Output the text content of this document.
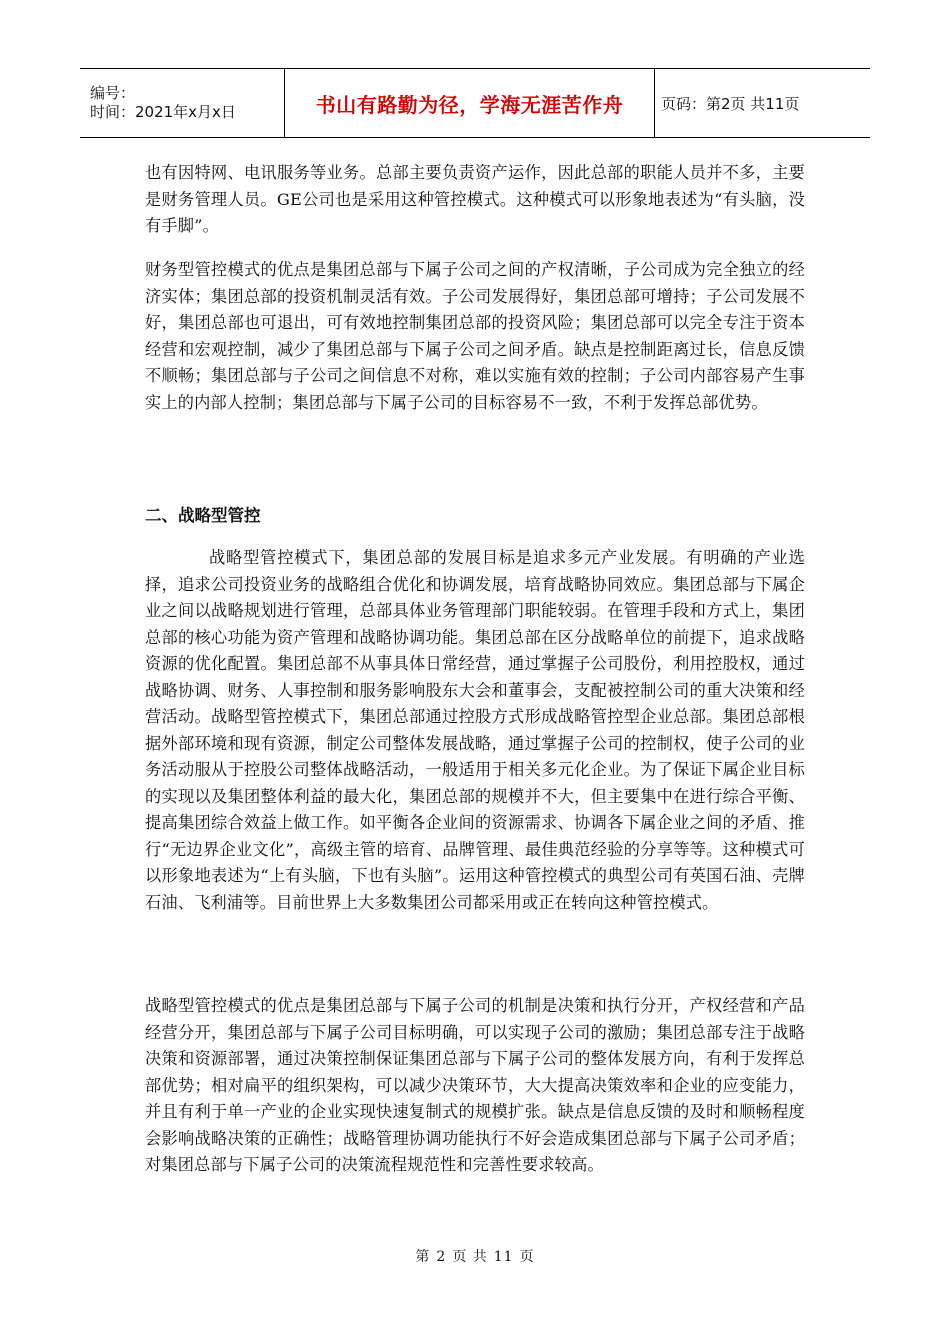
编号：
时间：2021年x月x日	书山有路勤为径，学海无涯苦作舟	页码：第2页 共11页

也有因特网、电讯服务等业务。总部主要负责资产运作，因此总部的职能人员并不多，主要是财务管理人员。GE公司也是采用这种管控模式。这种模式可以形象地表述为“有头脑，没有手脚”。

财务型管控模式的优点是集团总部与下属子公司之间的产权清晰，子公司成为完全独立的经济实体；集团总部的投资机制灵活有效。子公司发展得好，集团总部可增持；子公司发展不好，集团总部也可退出，可有效地控制集团总部的投资风险；集团总部可以完全专注于资本经营和宏观控制，减少了集团总部与下属子公司之间矛盾。缺点是控制距离过长，信息反馈不顺畅；集团总部与子公司之间信息不对称，难以实施有效的控制；子公司内部容易产生事实上的内部人控制；集团总部与下属子公司的目标容易不一致，不利于发挥总部优势。

二、战略型管控

战略型管控模式下，集团总部的发展目标是追求多元产业发展。有明确的产业选择，追求公司投资业务的战略组合优化和协调发展，培育战略协同效应。集团总部与下属企业之间以战略规划进行管理，总部具体业务管理部门职能较弱。在管理手段和方式上，集团总部的核心功能为资产管理和战略协调功能。集团总部在区分战略单位的前提下，追求战略资源的优化配置。集团总部不从事具体日常经营，通过掌握子公司股份，利用控股权，通过战略协调、财务、人事控制和服务影响股东大会和董事会，支配被控制公司的重大决策和经营活动。战略型管控模式下，集团总部通过控股方式形成战略管控型企业总部。集团总部根据外部环境和现有资源，制定公司整体发展战略，通过掌握子公司的控制权，使子公司的业务活动服从于控股公司整体战略活动，一般适用于相关多元化企业。为了保证下属企业目标的实现以及集团整体利益的最大化，集团总部的规模并不大，但主要集中在进行综合平衡、提高集团综合效益上做工作。如平衡各企业间的资源需求、协调各下属企业之间的矛盾、推行“无边界企业文化”，高级主管的培育、品牌管理、最佳典范经验的分享等等。这种模式可以形象地表述为“上有头脑，下也有头脑”。运用这种管控模式的典型公司有英国石油、壳牌石油、飞利浦等。目前世界上大多数集团公司都采用或正在转向这种管控模式。

战略型管控模式的优点是集团总部与下属子公司的机制是决策和执行分开，产权经营和产品经营分开，集团总部与下属子公司目标明确，可以实现子公司的激励；集团总部专注于战略决策和资源部署，通过决策控制保证集团总部与下属子公司的整体发展方向，有利于发挥总部优势；相对扁平的组织架构，可以减少决策环节，大大提高决策效率和企业的应变能力，并且有利于单一产业的企业实现快速复制式的规模扩张。缺点是信息反馈的及时和顺畅程度会影响战略决策的正确性；战略管理协调功能执行不好会造成集团总部与下属子公司矛盾；对集团总部与下属子公司的决策流程规范性和完善性要求较高。

第 2 页 共 11 页
